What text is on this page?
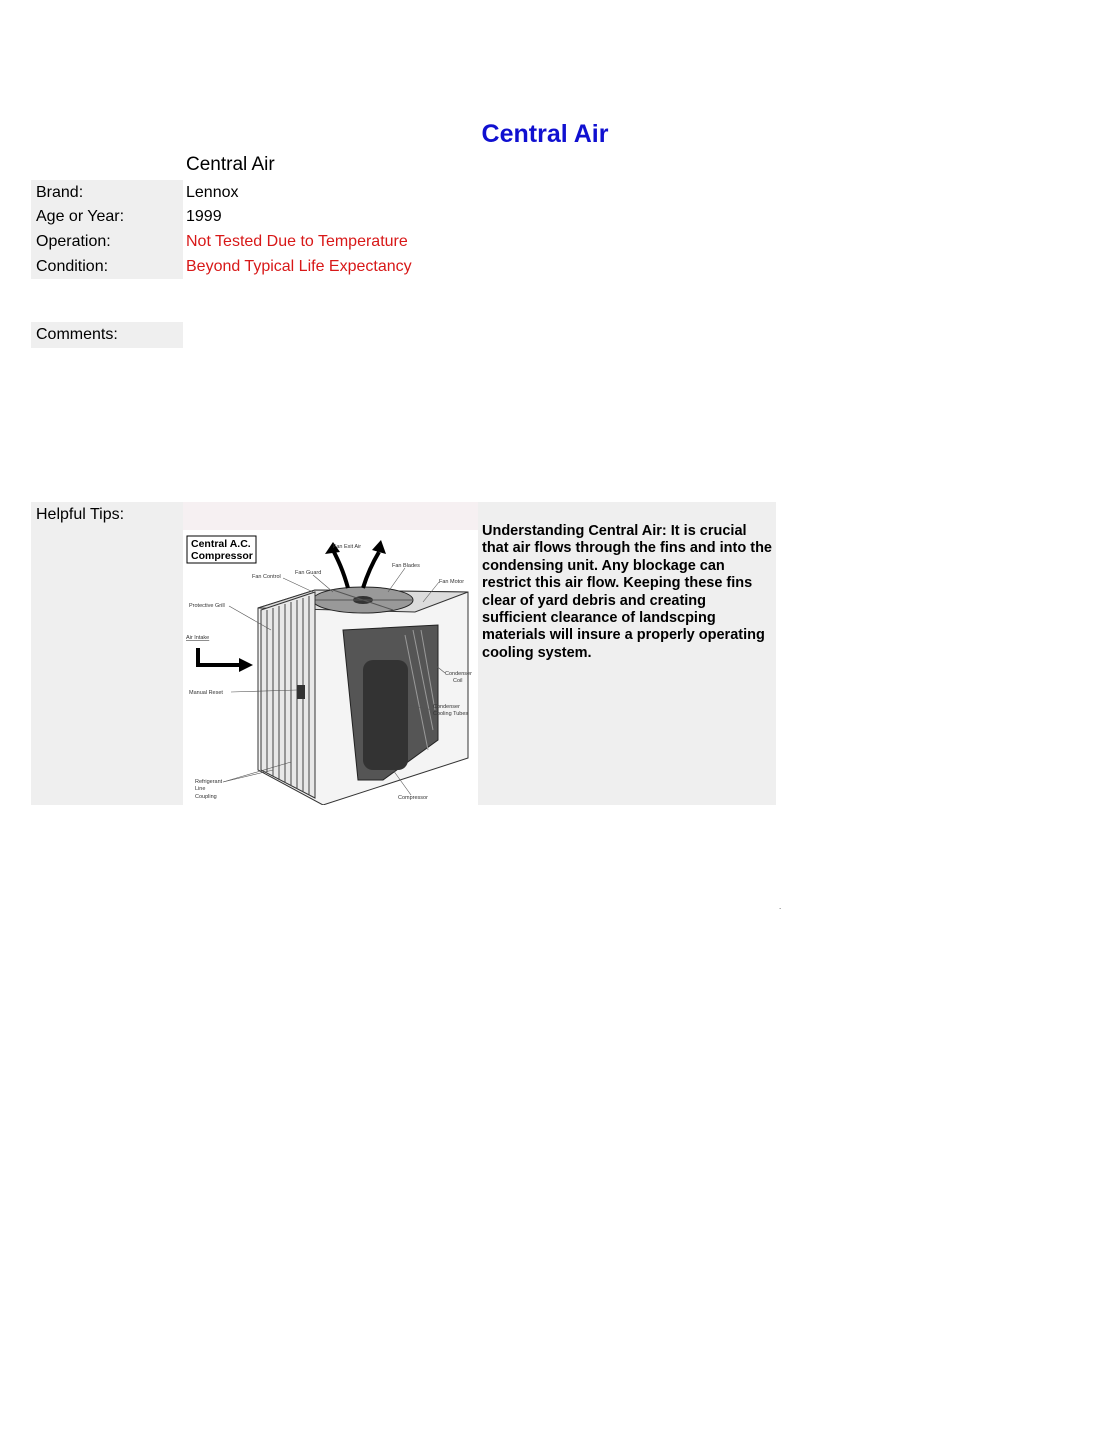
Central Air
Central Air
Brand:	Lennox
Age or Year:	1999
Operation:	Not Tested Due to Temperature
Condition:	Beyond Typical Life Expectancy
Comments:
Helpful Tips:
Understanding Central Air: It is crucial that air flows through the fins and into the condensing unit. Any blockage can restrict this air flow. Keeping these fins clear of yard debris and creating sufficient clearance of landscping materials will insure a properly operating cooling system.
Central A.C.
Compressor
Fan Exit Air
Fan Blades
Fan Control
Fan Guard
Fan Motor
Protective Grill
Air Intake
Condenser
Coil
Manual Reset
Condenser
Cooling Tubes
Refrigerant
Line
Coupling	Compressor
.
